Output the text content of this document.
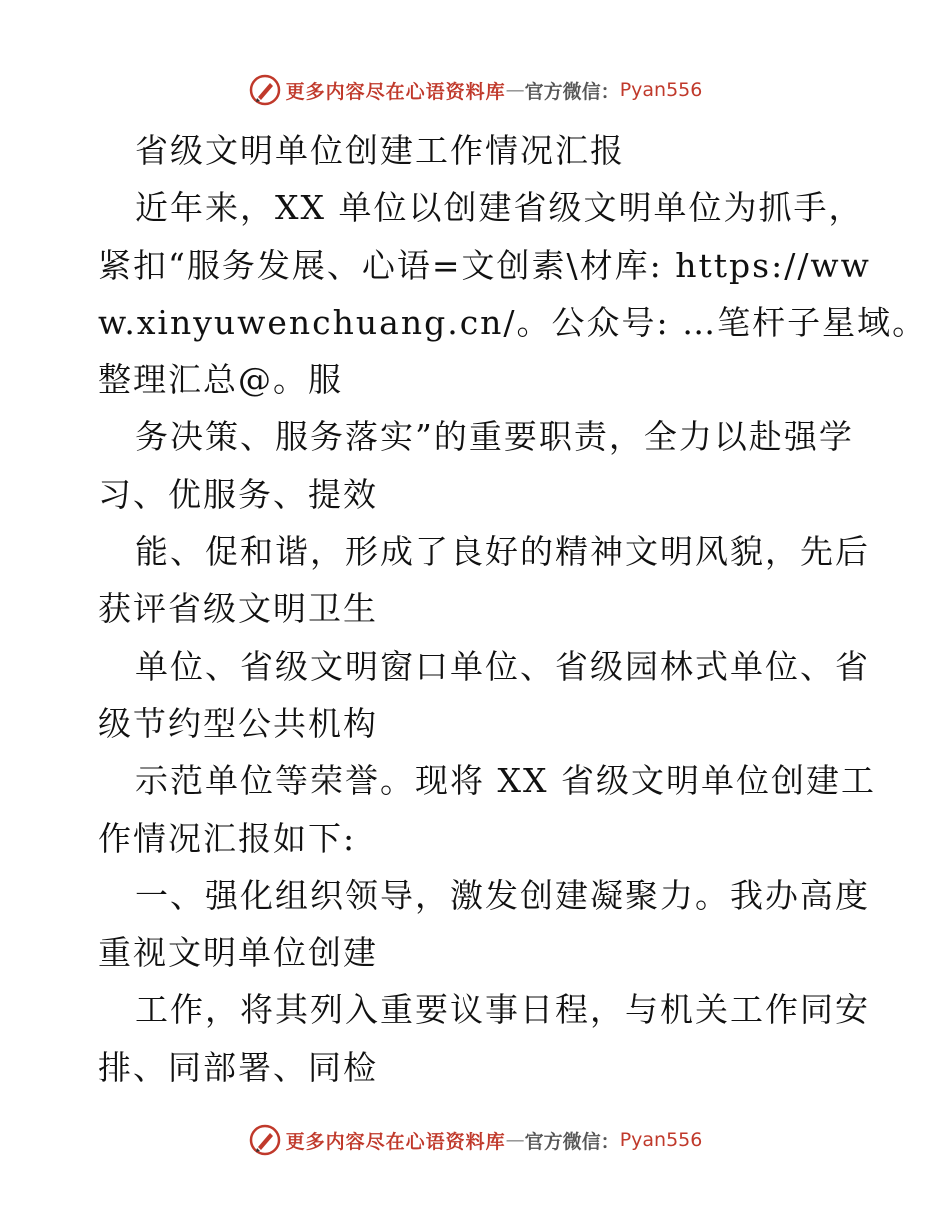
更多内容尽在心语资料库 — 官方微信： Pyan556
省级文明单位创建工作情况汇报
近年来，XX 单位以创建省级文明单位为抓手，
紧扣“服务发展、心语=文创素\材库: https://ww
w.xinyuwenchuang.cn/。公众号: …笔杆子星域。
整理汇总@。服
务决策、服务落实”的重要职责，全力以赴强学
习、优服务、提效
能、促和谐，形成了良好的精神文明风貌，先后
获评省级文明卫生
单位、省级文明窗口单位、省级园林式单位、省
级节约型公共机构
示范单位等荣誉。现将 XX 省级文明单位创建工
作情况汇报如下:
一、强化组织领导，激发创建凝聚力。我办高度
重视文明单位创建
工作，将其列入重要议事日程，与机关工作同安
排、同部署、同检
更多内容尽在心语资料库 — 官方微信： Pyan556
